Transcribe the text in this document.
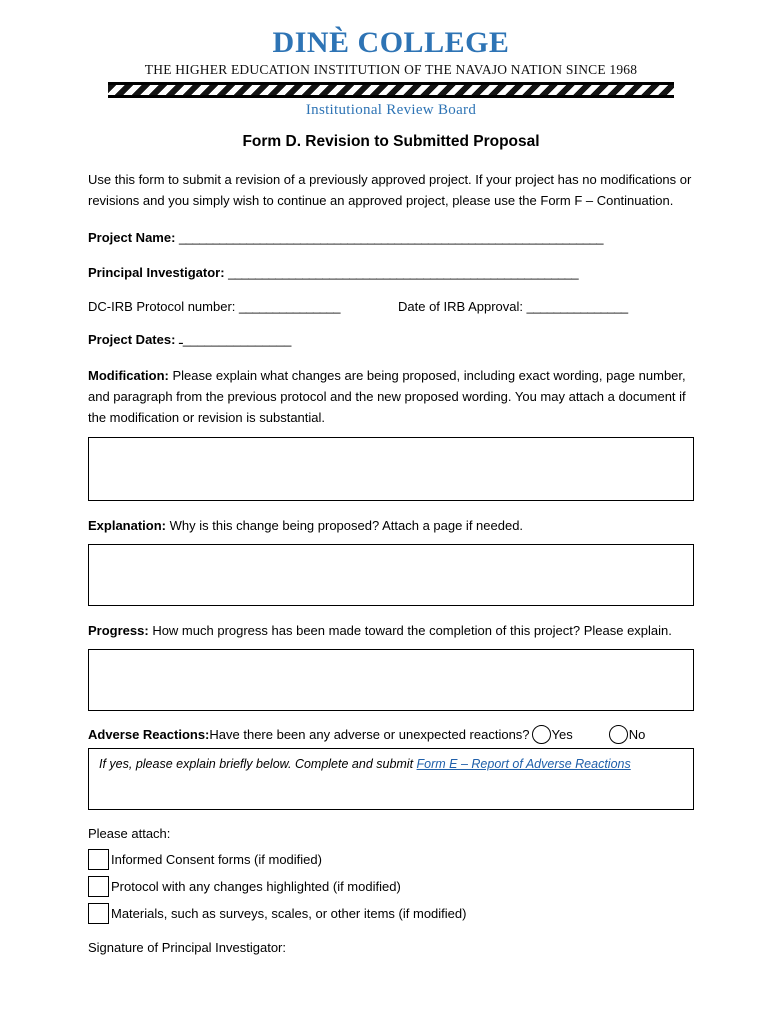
DINÈ COLLEGE
THE HIGHER EDUCATION INSTITUTION OF THE NAVAJO NATION SINCE 1968
Institutional Review Board
Form D. Revision to Submitted Proposal

Use this form to submit a revision of a previously approved project. If your project has no modifications or revisions and you simply wish to continue an approved project, please use the Form F – Continuation.

Project Name: _______________________________________________________________
Principal Investigator: ____________________________________________________
DC-IRB Protocol number: _______________	Date of IRB Approval: _______________
Project Dates: ـ_______________

Modification: Please explain what changes are being proposed, including exact wording, page number, and paragraph from the previous protocol and the new proposed wording. You may attach a document if the modification or revision is substantial.

Explanation: Why is this change being proposed? Attach a page if needed.

Progress: How much progress has been made toward the completion of this project? Please explain.

Adverse Reactions: Have there been any adverse or unexpected reactions? Yes	No
If yes, please explain briefly below. Complete and submit Form E – Report of Adverse Reactions
Please attach:
Informed Consent forms (if modified)
Protocol with any changes highlighted (if modified)
Materials, such as surveys, scales, or other items (if modified)
Signature of Principal Investigator:
